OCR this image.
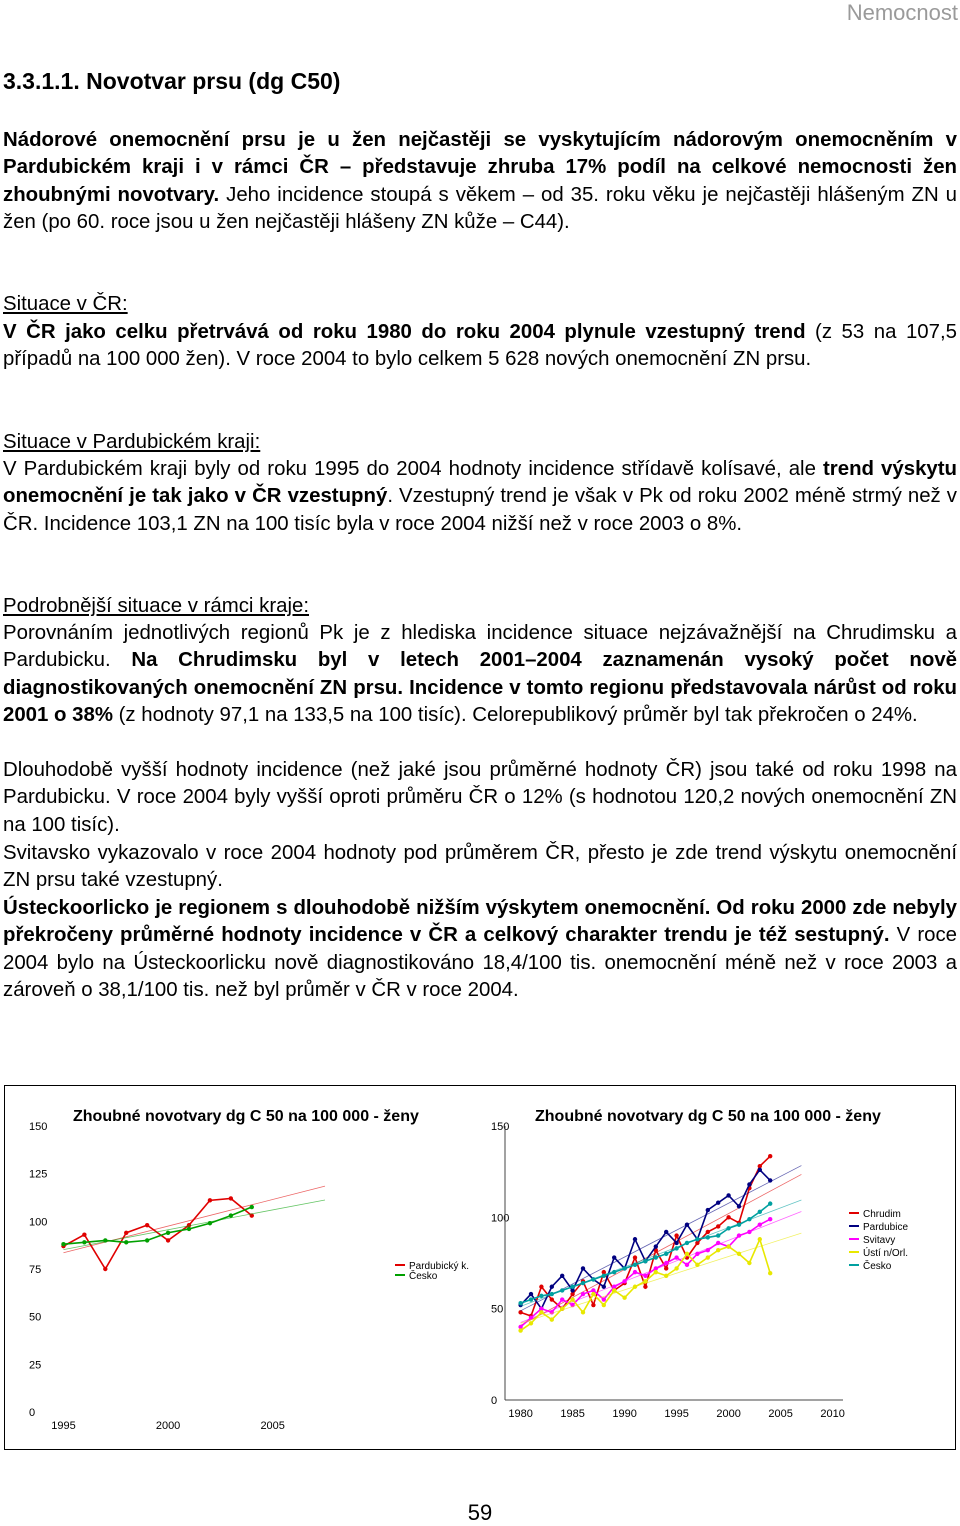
Nemocnost
3.3.1.1. Novotvar prsu (dg C50)
Nádorové onemocnění prsu je u žen nejčastěji se vyskytujícím nádorovým onemocněním v Pardubickém kraji i v rámci ČR – představuje zhruba 17% podíl na celkové nemocnosti žen zhoubnými novotvary. Jeho incidence stoupá s věkem – od 35. roku věku je nejčastěji hlášeným ZN u žen (po 60. roce jsou u žen nejčastěji hlášeny ZN kůže – C44).
Situace v ČR:
V ČR jako celku přetrvává od roku 1980 do roku 2004 plynule vzestupný trend (z 53 na 107,5 případů na 100 000 žen). V roce 2004 to bylo celkem 5 628 nových onemocnění ZN prsu.
Situace v Pardubickém kraji:
V Pardubickém kraji byly od roku 1995 do 2004 hodnoty incidence střídavě kolísavé, ale trend výskytu onemocnění je tak jako v ČR vzestupný. Vzestupný trend je však v Pk od roku 2002 méně strmý než v ČR. Incidence 103,1 ZN na 100 tisíc byla v roce 2004 nižší než v roce 2003 o 8%.
Podrobnější situace v rámci kraje:
Porovnáním jednotlivých regionů Pk je z hlediska incidence situace nejzávažnější na Chrudimsku a Pardubicku. Na Chrudimsku byl v letech 2001–2004 zaznamenán vysoký počet nově diagnostikovaných onemocnění ZN prsu. Incidence v tomto regionu představovala nárůst od roku 2001 o 38% (z hodnoty 97,1 na 133,5 na 100 tisíc). Celorepublikový průměr byl tak překročen o 24%.
Dlouhodobě vyšší hodnoty incidence (než jaké jsou průměrné hodnoty ČR) jsou také od roku 1998 na Pardubicku. V roce 2004 byly vyšší oproti průměru ČR o 12% (s hodnotou 120,2 nových onemocnění ZN na 100 tisíc).
Svitavsko vykazovalo v roce 2004 hodnoty pod průměrem ČR, přesto je zde trend výskytu onemocnění ZN prsu také vzestupný.
Ústeckoorlicko je regionem s dlouhodobě nižším výskytem onemocnění. Od roku 2000 zde nebyly překročeny průměrné hodnoty incidence v ČR a celkový charakter trendu je též sestupný. V roce 2004 bylo na Ústeckoorlicku nově diagnostikováno 18,4/100 tis. onemocnění méně než v roce 2003 a zároveň o 38,1/100 tis. než byl průměr v ČR v roce 2004.
Zhoubné novotvary dg C 50 na 100 000 - ženy
0
25
50
75
100
125
150
1995	2000	2005
Pardubický k.
Česko
Zhoubné novotvary dg C 50 na 100 000 - ženy
0
50
100
150
1980	1985	1990	1995	2000	2005	2010
Chrudim
Pardubice
Svitavy
Ústí n/Orl.
Česko
59
